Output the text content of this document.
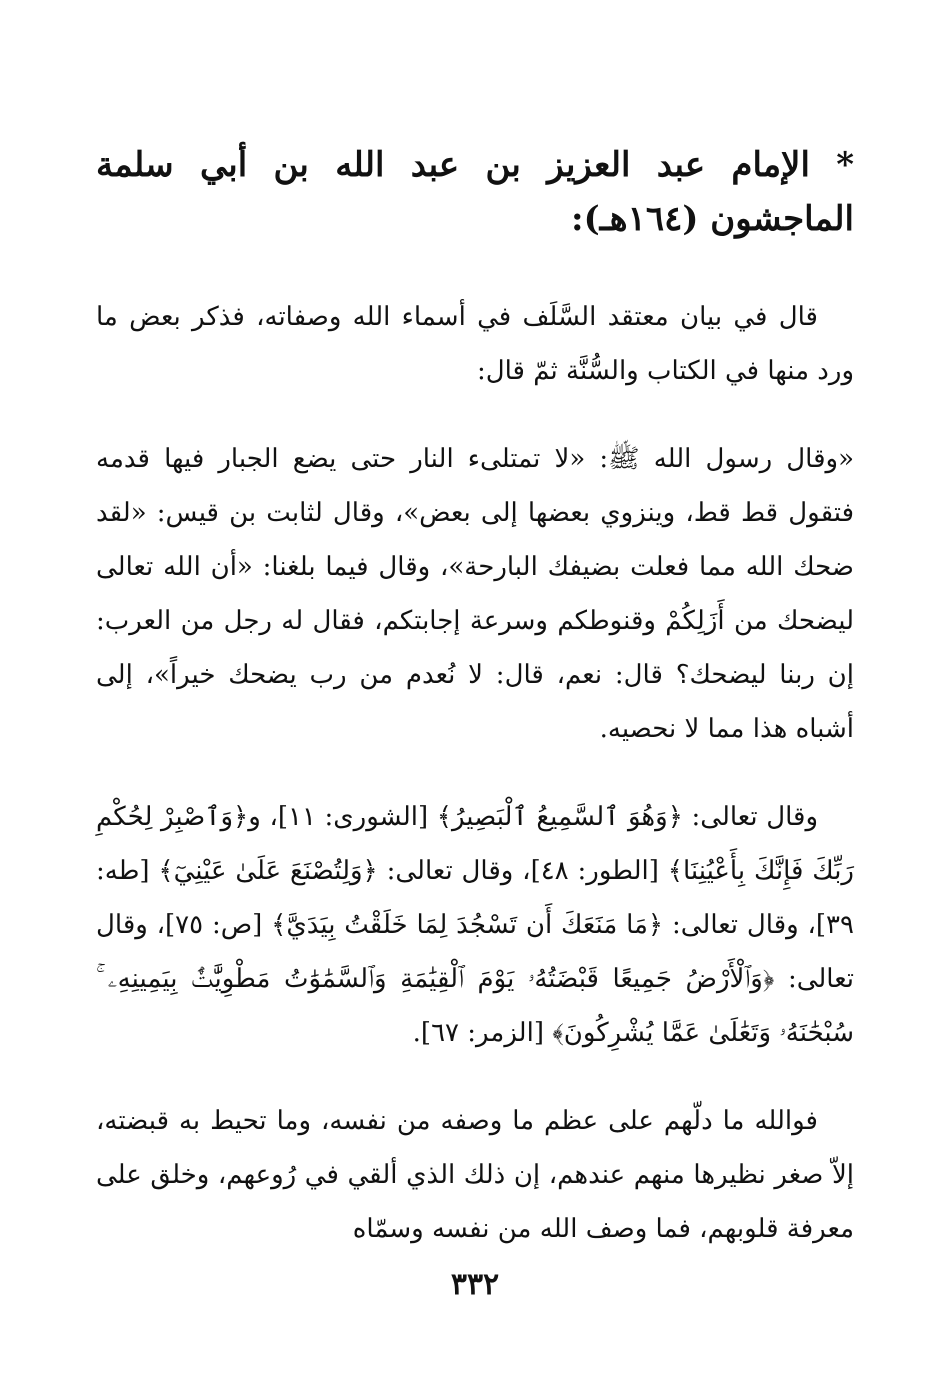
* الإمام عبد العزيز بن عبد الله بن أبي سلمة الماجشون (١٦٤هـ):

قال في بيان معتقد السَّلَف في أسماء الله وصفاته، فذكر بعض ما ورد منها في الكتاب والسُّنَّة ثمّ قال:

«وقال رسول الله ﷺ: «لا تمتلىء النار حتى يضع الجبار فيها قدمه فتقول قط قط، وينزوي بعضها إلى بعض»، وقال لثابت بن قيس: «لقد ضحك الله مما فعلت بضيفك البارحة»، وقال فيما بلغنا: «أن الله تعالى ليضحك من أَزَلِكُمْ وقنوطكم وسرعة إجابتكم، فقال له رجل من العرب: إن ربنا ليضحك؟ قال: نعم، قال: لا نُعدم من رب يضحك خيراً»، إلى أشباه هذا مما لا نحصيه.

وقال تعالى: ﴿وَهُوَ ٱلسَّمِيعُ ٱلْبَصِيرُ﴾ [الشورى: ١١]، و﴿وَٱصْبِرْ لِحُكْمِ رَبِّكَ فَإِنَّكَ بِأَعْيُنِنَا﴾ [الطور: ٤٨]، وقال تعالى: ﴿وَلِتُصْنَعَ عَلَىٰ عَيْنِيٓ﴾ [طه: ٣٩]، وقال تعالى: ﴿مَا مَنَعَكَ أَن تَسْجُدَ لِمَا خَلَقْتُ بِيَدَيَّ﴾ [ص: ٧٥]، وقال تعالى: ﴿وَٱلْأَرْضُ جَمِيعًا قَبْضَتُهُۥ يَوْمَ ٱلْقِيَٰمَةِ وَٱلسَّمَٰوَٰتُ مَطْوِيَّٰتٌۢ بِيَمِينِهِۦ ۚ سُبْحَٰنَهُۥ وَتَعَٰلَىٰ عَمَّا يُشْرِكُونَ﴾ [الزمر: ٦٧].

فوالله ما دلّهم على عظم ما وصفه من نفسه، وما تحيط به قبضته، إلاّ صغر نظيرها منهم عندهم، إن ذلك الذي ألقي في رُوعهم، وخلق على معرفة قلوبهم، فما وصف الله من نفسه وسمّاه

٣٣٢
